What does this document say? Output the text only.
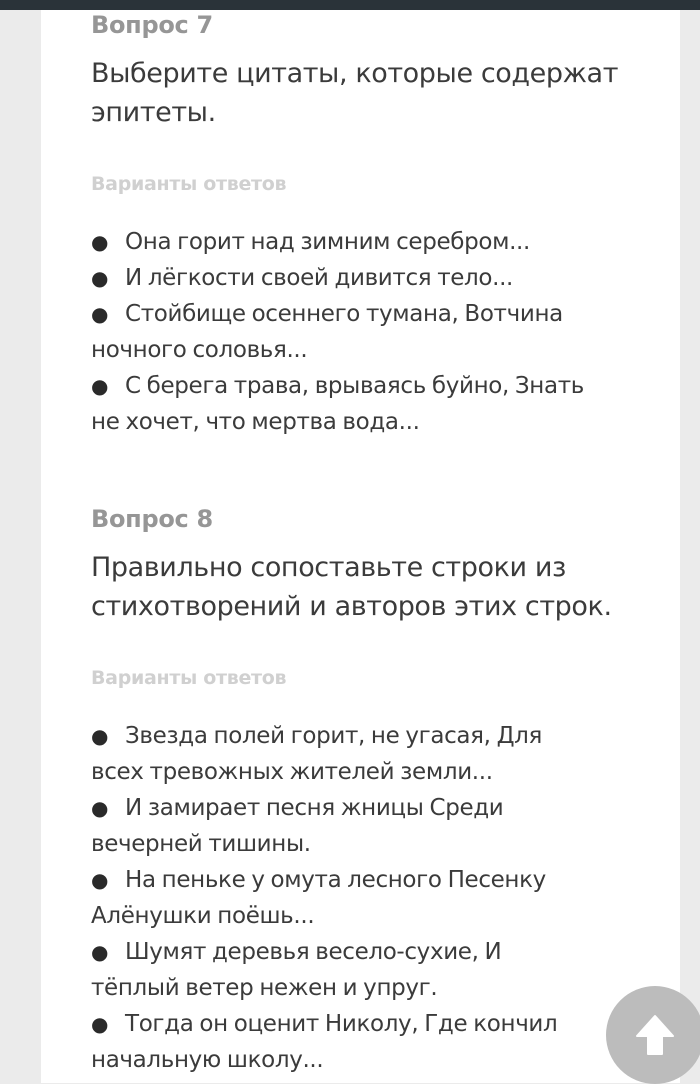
Вопрос 7

Выберите цитаты, которые содержат эпитеты.

Варианты ответов
● Она горит над зимним серебром...
● И лёгкости своей дивится тело...
● Стойбище осеннего тумана, Вотчина ночного соловья...
● С берега трава, врываясь буйно, Знать не хочет, что мертва вода...
Вопрос 8

Правильно сопоставьте строки из стихотворений и авторов этих строк.

Варианты ответов
● Звезда полей горит, не угасая, Для всех тревожных жителей земли...
● И замирает песня жницы Среди вечерней тишины.
● На пеньке у омута лесного Песенку Алёнушки поёшь...
● Шумят деревья весело-сухие, И тёплый ветер нежен и упруг.
● Тогда он оценит Николу, Где кончил начальную школу...
